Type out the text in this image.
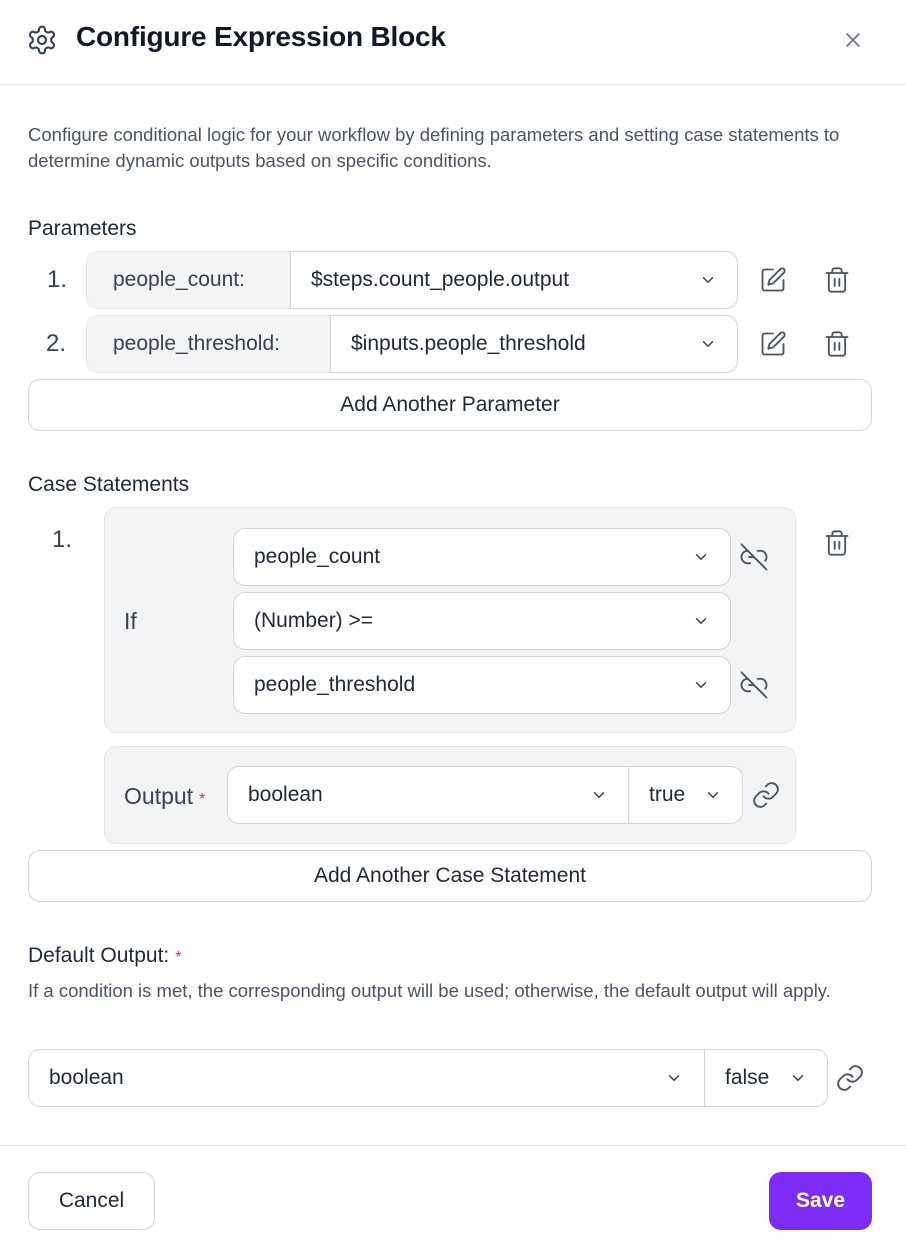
Configure Expression Block
Configure conditional logic for your workflow by defining parameters and setting case statements to determine dynamic outputs based on specific conditions.
Parameters
1.	people_count:	$steps.count_people.output
2.	people_threshold:	$inputs.people_threshold
Add Another Parameter
Case Statements
1.
If
people_count
(Number) >=
people_threshold
Output * boolean	true
Add Another Case Statement
Default Output: *
If a condition is met, the corresponding output will be used; otherwise, the default output will apply.
boolean	false
Cancel	Save
